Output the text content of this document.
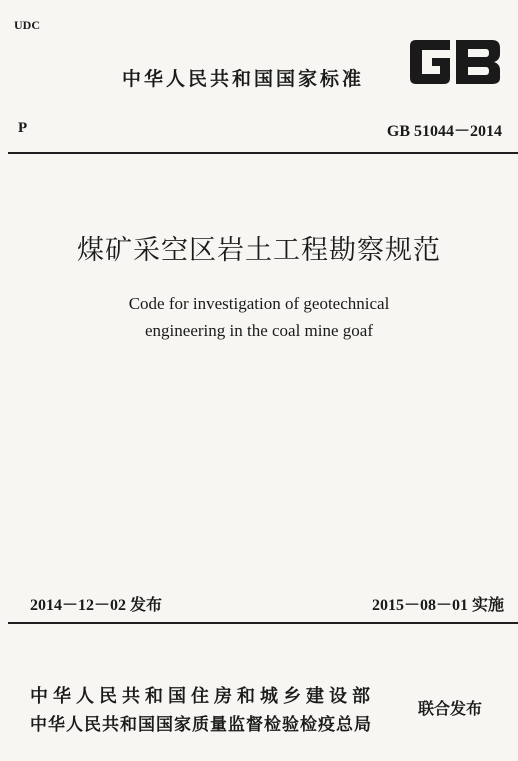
UDC
中华人民共和国国家标准
P	GB 51044－2014
煤矿采空区岩土工程勘察规范
Code for investigation of geotechnical
engineering in the coal mine goaf
2014－12－02 发布	2015－08－01 实施
中华人民共和国住房和城乡建设部
中华人民共和国国家质量监督检验检疫总局
联合发布
